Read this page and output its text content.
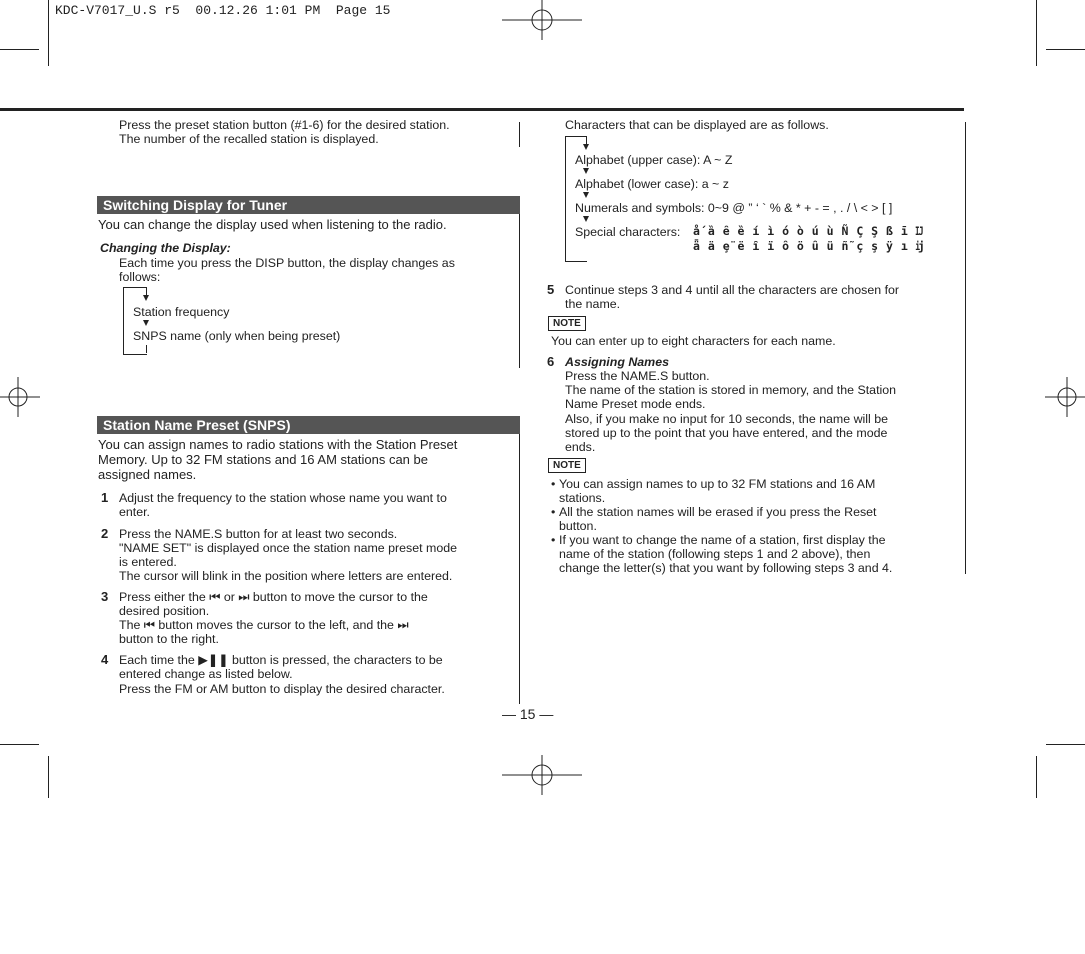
KDC-V7017_U.S r5  00.12.26 1:01 PM  Page 15
Press the preset station button (#1-6) for the desired station.
The number of the recalled station is displayed.
Switching Display for Tuner
You can change the display used when listening to the radio.
Changing the Display:
Each time you press the DISP button, the display changes as
follows:
Station frequency
SNPS name (only when being preset)
Station Name Preset (SNPS)
You can assign names to radio stations with the Station Preset
Memory. Up to 32 FM stations and 16 AM stations can be
assigned names.
1 Adjust the frequency to the station whose name you want to
enter.
2 Press the NAME.S button for at least two seconds.
"NAME SET" is displayed once the station name preset mode
is entered.
The cursor will blink in the position where letters are entered.
3 Press either the ⏮ or ⏭ button to move the cursor to the
desired position.
The ⏮ button moves the cursor to the left, and the ⏭
button to the right.
4 Each time the ▶❚❚ button is pressed, the characters to be
entered change as listed below.
Press the FM or AM button to display the desired character.
Characters that can be displayed are as follows.
Alphabet (upper case): A ~ Z
Alphabet (lower case): a ~ z
Numerals and symbols: 0~9 @ ” ‘ ` % & * + - = , . / \ < > [ ]
Special characters: ǻ ȁ ȇ ȅ í ì ó ò ú ù Ñ Ç Ş ß ī Ĳ
ǟ ä ȩ̈ ë ȋ ï ȏ ö ȗ ü ñ̃ ç ş ÿ ı ĳ
5 Continue steps 3 and 4 until all the characters are chosen for
the name.
NOTE
You can enter up to eight characters for each name.
6 Assigning Names
Press the NAME.S button.
The name of the station is stored in memory, and the Station
Name Preset mode ends.
Also, if you make no input for 10 seconds, the name will be
stored up to the point that you have entered, and the mode
ends.
NOTE
• You can assign names to up to 32 FM stations and 16 AM
stations.
• All the station names will be erased if you press the Reset
button.
• If you want to change the name of a station, first display the
name of the station (following steps 1 and 2 above), then
change the letter(s) that you want by following steps 3 and 4.
— 15 —
